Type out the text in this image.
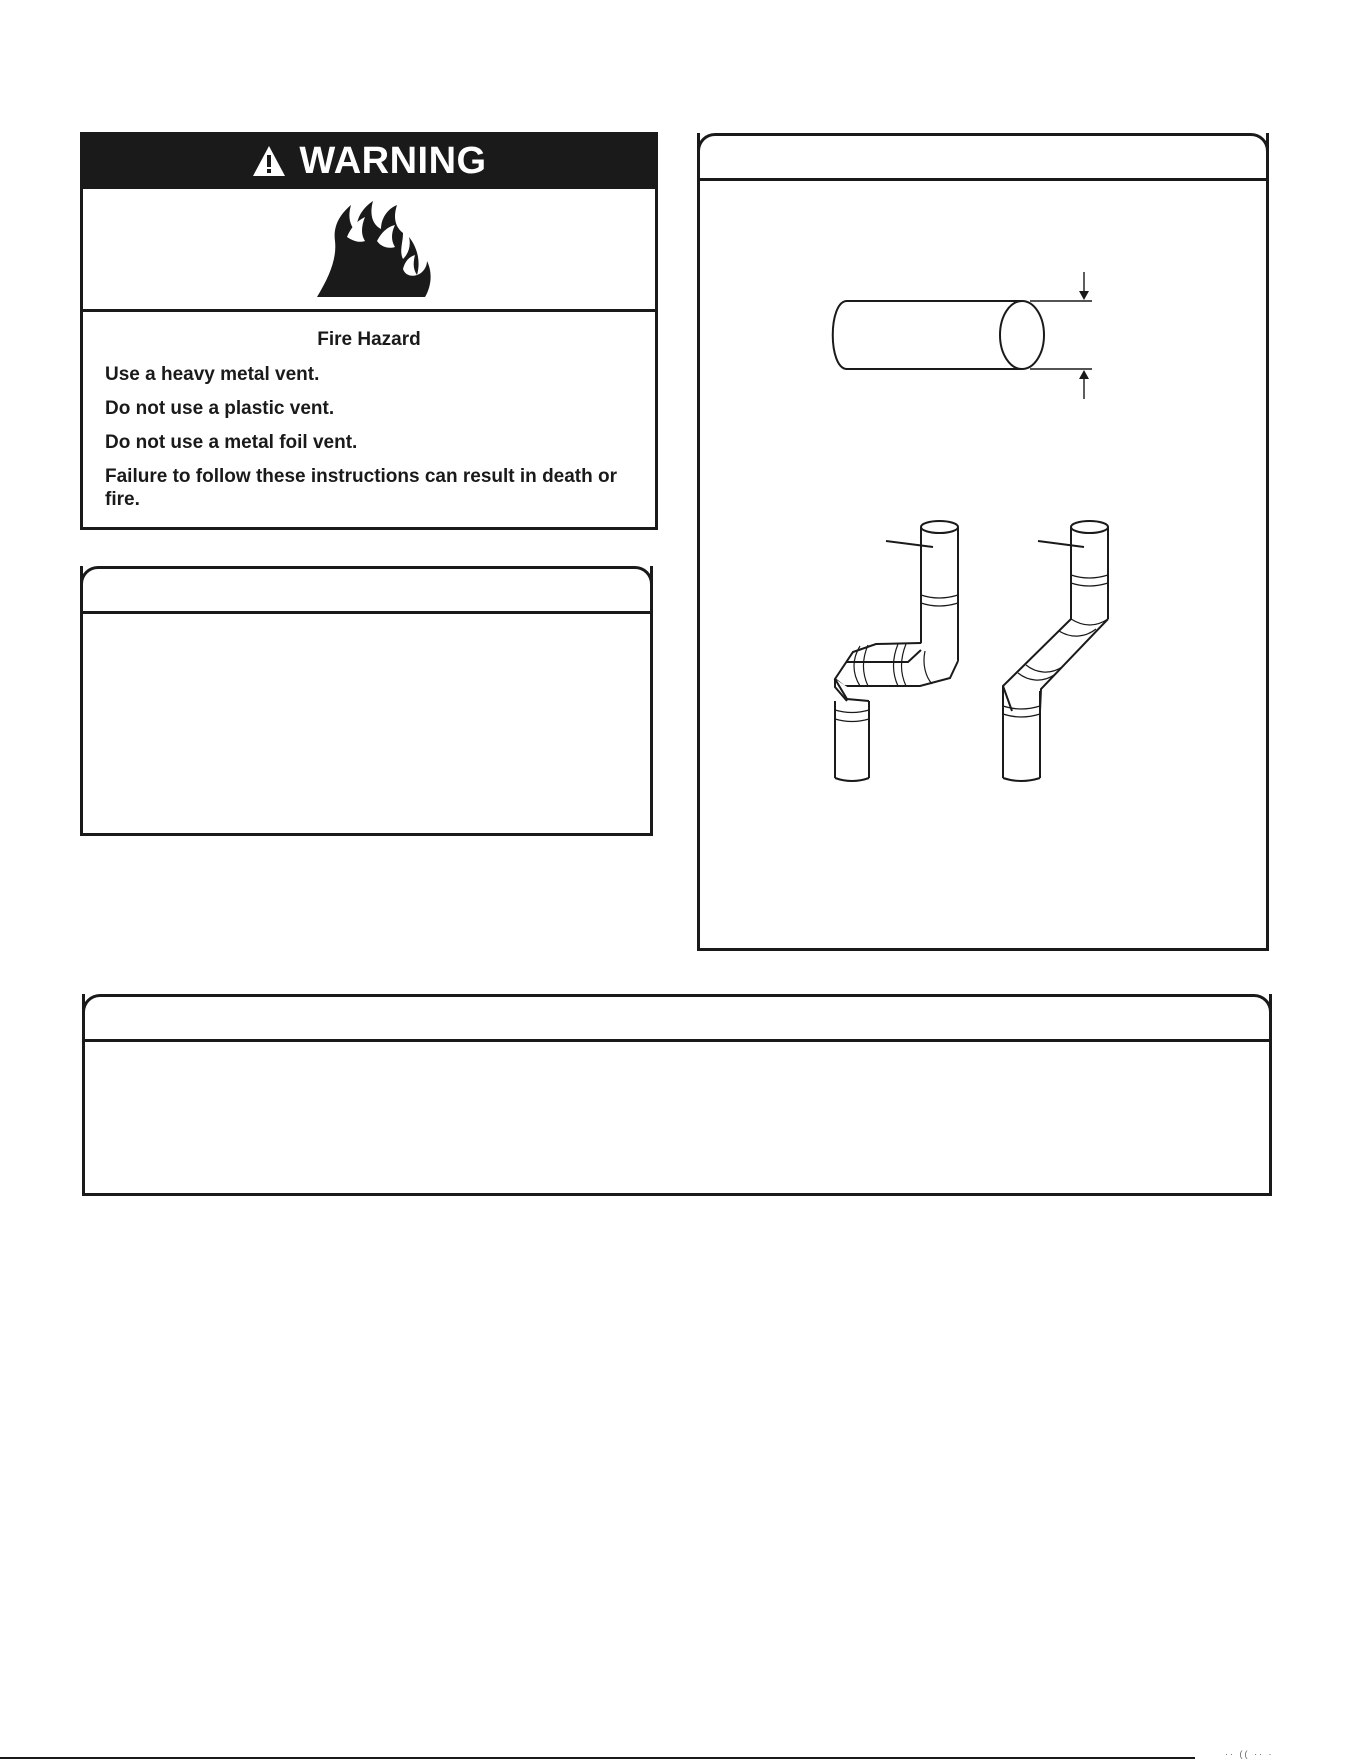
WARNING

Fire Hazard

Use a heavy metal vent.

Do not use a plastic vent.

Do not use a metal foil vent.

Failure to follow these instructions can result in death or fire.

·· (( ·· ·
